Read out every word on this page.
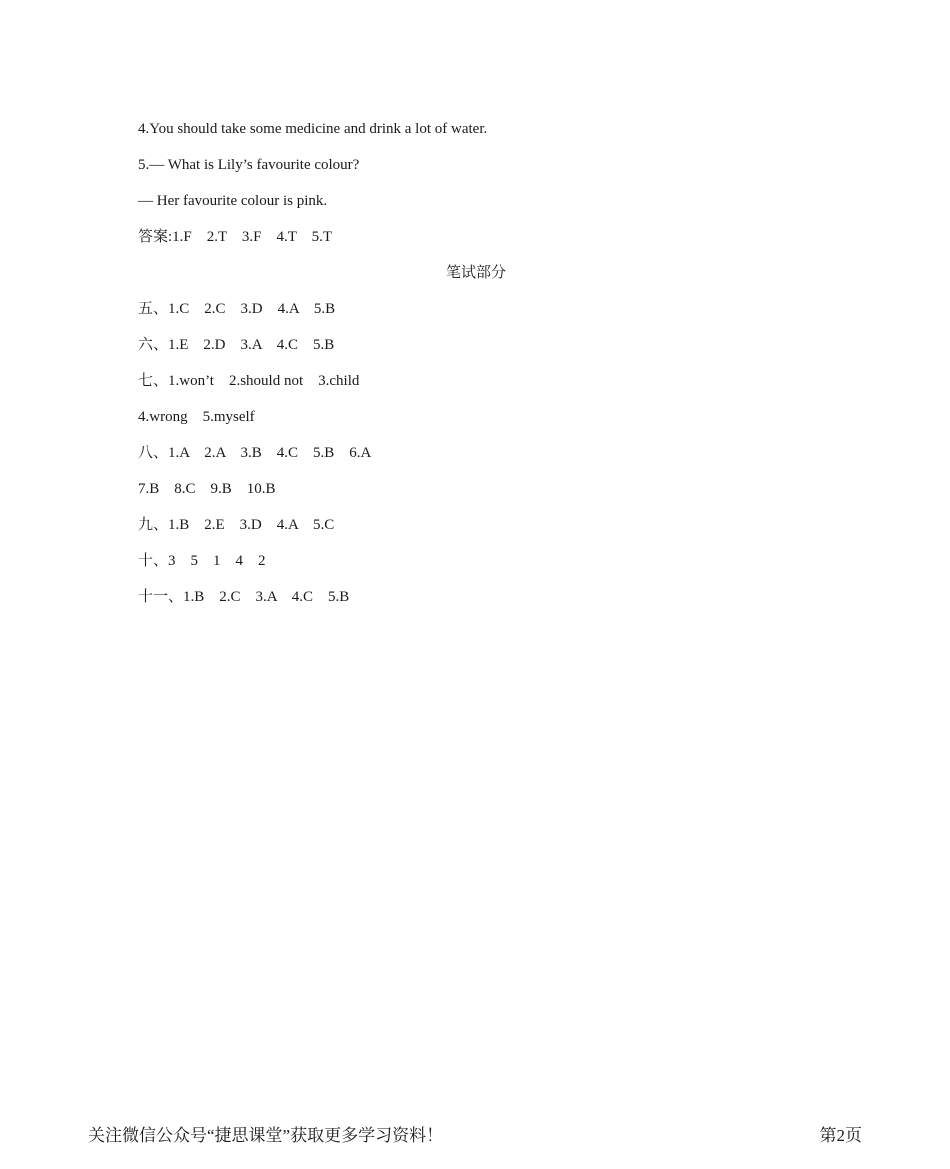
4.You should take some medicine and drink a lot of water.
5.— What is Lily’s favourite colour?
— Her favourite colour is pink.
答案:1.F    2.T    3.F    4.T    5.T
笔试部分
五、1.C    2.C    3.D    4.A    5.B
六、1.E    2.D    3.A    4.C    5.B
七、1.won’t    2.should not    3.child
4.wrong    5.myself
八、1.A    2.A    3.B    4.C    5.B    6.A
7.B    8.C    9.B    10.B
九、1.B    2.E    3.D    4.A    5.C
十、3    5    1    4    2
十一、1.B    2.C    3.A    4.C    5.B
关注微信公众号“捷思课堂”获取更多学习资料！	第2页
